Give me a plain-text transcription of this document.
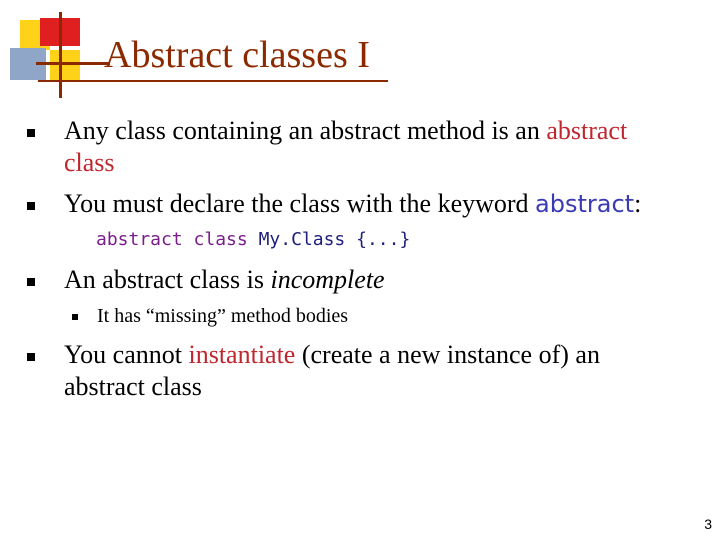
Abstract classes I
Any class containing an abstract method is an abstract
class
You must declare the class with the keyword abstract:
abstract class My.Class {...}
An abstract class is incomplete
It has “missing” method bodies
You cannot instantiate (create a new instance of) an
abstract class
3
